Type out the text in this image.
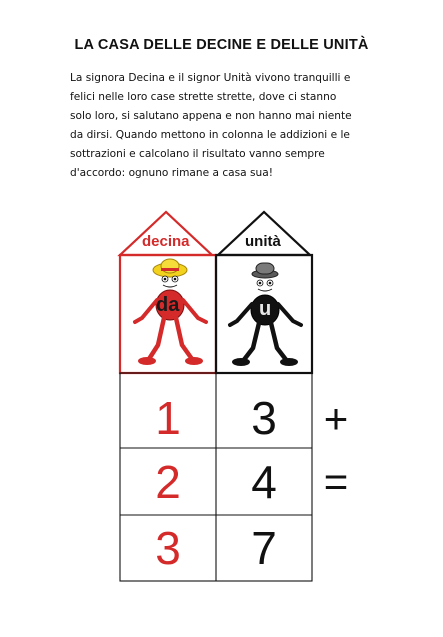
LA CASA DELLE DECINE E DELLE UNITÀ
La signora Decina e il signor Unità vivono tranquilli e
felici nelle loro case strette strette, dove ci stanno
solo loro, si salutano appena e non hanno mai niente
da dirsi. Quando mettono in colonna le addizioni e le
sottrazioni e calcolano il risultato vanno sempre
d'accordo: ognuno rimane a casa sua!
decina	unità
da	u
1	3	+
2	4	=
3	7
